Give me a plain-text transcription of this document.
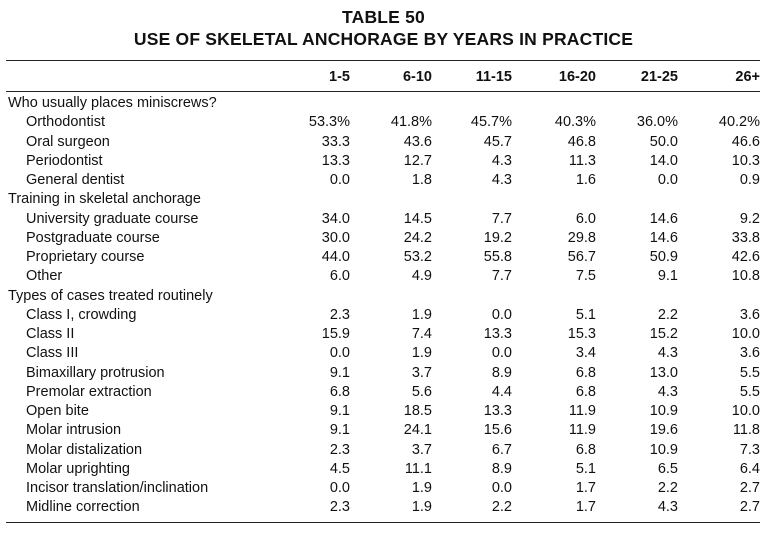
TABLE 50
USE OF SKELETAL ANCHORAGE BY YEARS IN PRACTICE
	1-5	6-10	11-15	16-20	21-25	26+

Who usually places miniscrews?						
Orthodontist	53.3%	41.8%	45.7%	40.3%	36.0%	40.2%
Oral surgeon	33.3	43.6	45.7	46.8	50.0	46.6
Periodontist	13.3	12.7	4.3	11.3	14.0	10.3
General dentist	0.0	1.8	4.3	1.6	0.0	0.9
Training in skeletal anchorage						
University graduate course	34.0	14.5	7.7	6.0	14.6	9.2
Postgraduate course	30.0	24.2	19.2	29.8	14.6	33.8
Proprietary course	44.0	53.2	55.8	56.7	50.9	42.6
Other	6.0	4.9	7.7	7.5	9.1	10.8
Types of cases treated routinely						
Class I, crowding	2.3	1.9	0.0	5.1	2.2	3.6
Class II	15.9	7.4	13.3	15.3	15.2	10.0
Class III	0.0	1.9	0.0	3.4	4.3	3.6
Bimaxillary protrusion	9.1	3.7	8.9	6.8	13.0	5.5
Premolar extraction	6.8	5.6	4.4	6.8	4.3	5.5
Open bite	9.1	18.5	13.3	11.9	10.9	10.0
Molar intrusion	9.1	24.1	15.6	11.9	19.6	11.8
Molar distalization	2.3	3.7	6.7	6.8	10.9	7.3
Molar uprighting	4.5	11.1	8.9	5.1	6.5	6.4
Incisor translation/inclination	0.0	1.9	0.0	1.7	2.2	2.7
Midline correction	2.3	1.9	2.2	1.7	4.3	2.7
